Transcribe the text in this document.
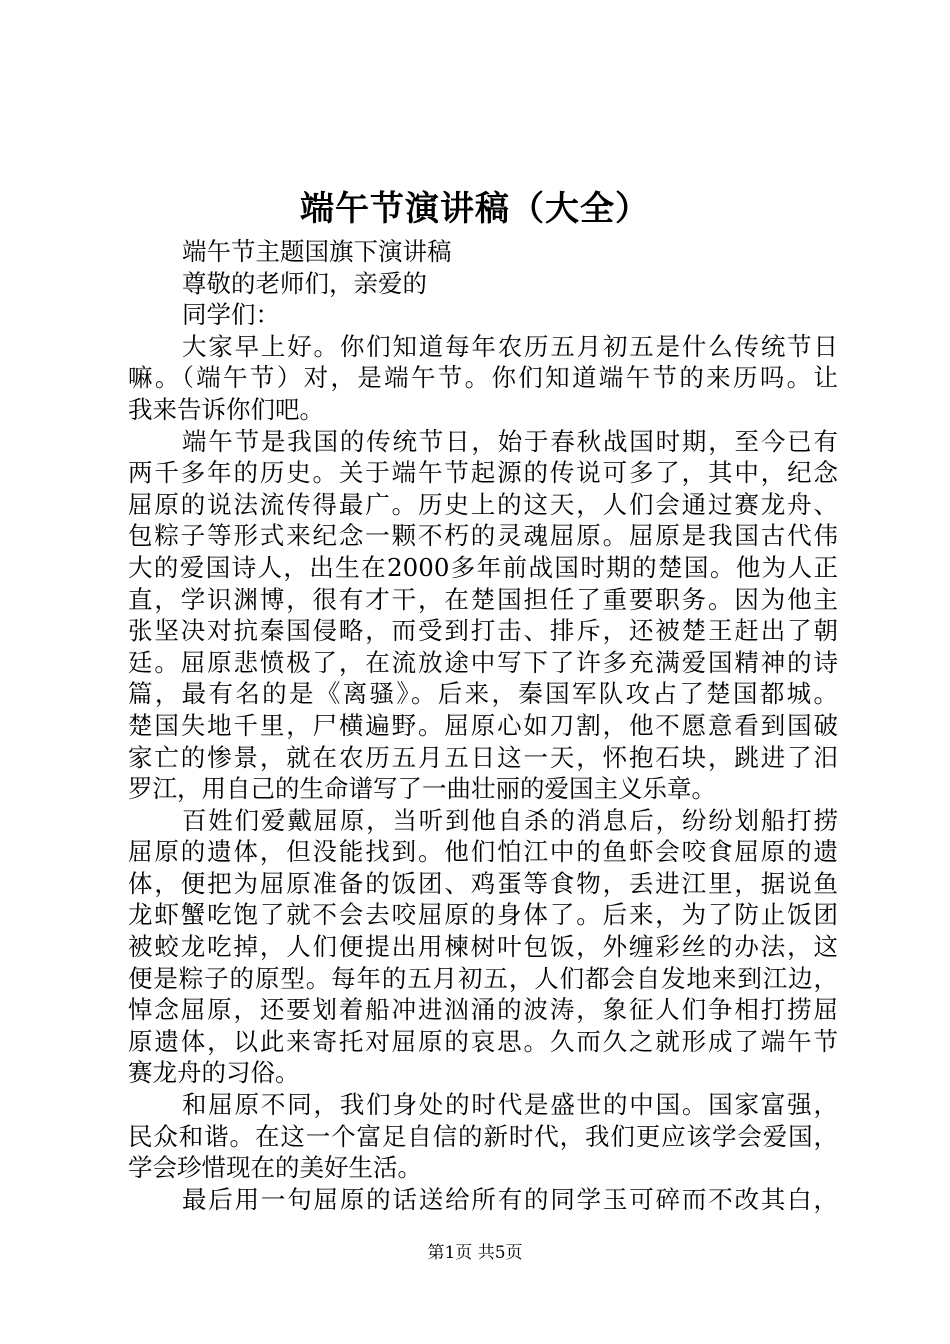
端午节演讲稿（大全）
端午节主题国旗下演讲稿
尊敬的老师们，亲爱的
同学们：
大家早上好。你们知道每年农历五月初五是什么传统节日
嘛。（端午节）对，是端午节。你们知道端午节的来历吗。让
我来告诉你们吧。
端午节是我国的传统节日，始于春秋战国时期，至今已有
两千多年的历史。关于端午节起源的传说可多了，其中，纪念
屈原的说法流传得最广。历史上的这天，人们会通过赛龙舟、
包粽子等形式来纪念一颗不朽的灵魂屈原。屈原是我国古代伟
大的爱国诗人，出生在2000多年前战国时期的楚国。他为人正
直，学识渊博，很有才干，在楚国担任了重要职务。因为他主
张坚决对抗秦国侵略，而受到打击、排斥，还被楚王赶出了朝
廷。屈原悲愤极了，在流放途中写下了许多充满爱国精神的诗
篇，最有名的是《离骚》。后来，秦国军队攻占了楚国都城。
楚国失地千里，尸横遍野。屈原心如刀割，他不愿意看到国破
家亡的惨景，就在农历五月五日这一天，怀抱石块，跳进了汨
罗江，用自己的生命谱写了一曲壮丽的爱国主义乐章。
百姓们爱戴屈原，当听到他自杀的消息后，纷纷划船打捞
屈原的遗体，但没能找到。他们怕江中的鱼虾会咬食屈原的遗
体，便把为屈原准备的饭团、鸡蛋等食物，丢进江里，据说鱼
龙虾蟹吃饱了就不会去咬屈原的身体了。后来，为了防止饭团
被蛟龙吃掉，人们便提出用楝树叶包饭，外缠彩丝的办法，这
便是粽子的原型。每年的五月初五，人们都会自发地来到江边，
悼念屈原，还要划着船冲进汹涌的波涛，象征人们争相打捞屈
原遗体，以此来寄托对屈原的哀思。久而久之就形成了端午节
赛龙舟的习俗。
和屈原不同，我们身处的时代是盛世的中国。国家富强，
民众和谐。在这一个富足自信的新时代，我们更应该学会爱国，
学会珍惜现在的美好生活。
最后用一句屈原的话送给所有的同学玉可碎而不改其白，
第1页 共5页
